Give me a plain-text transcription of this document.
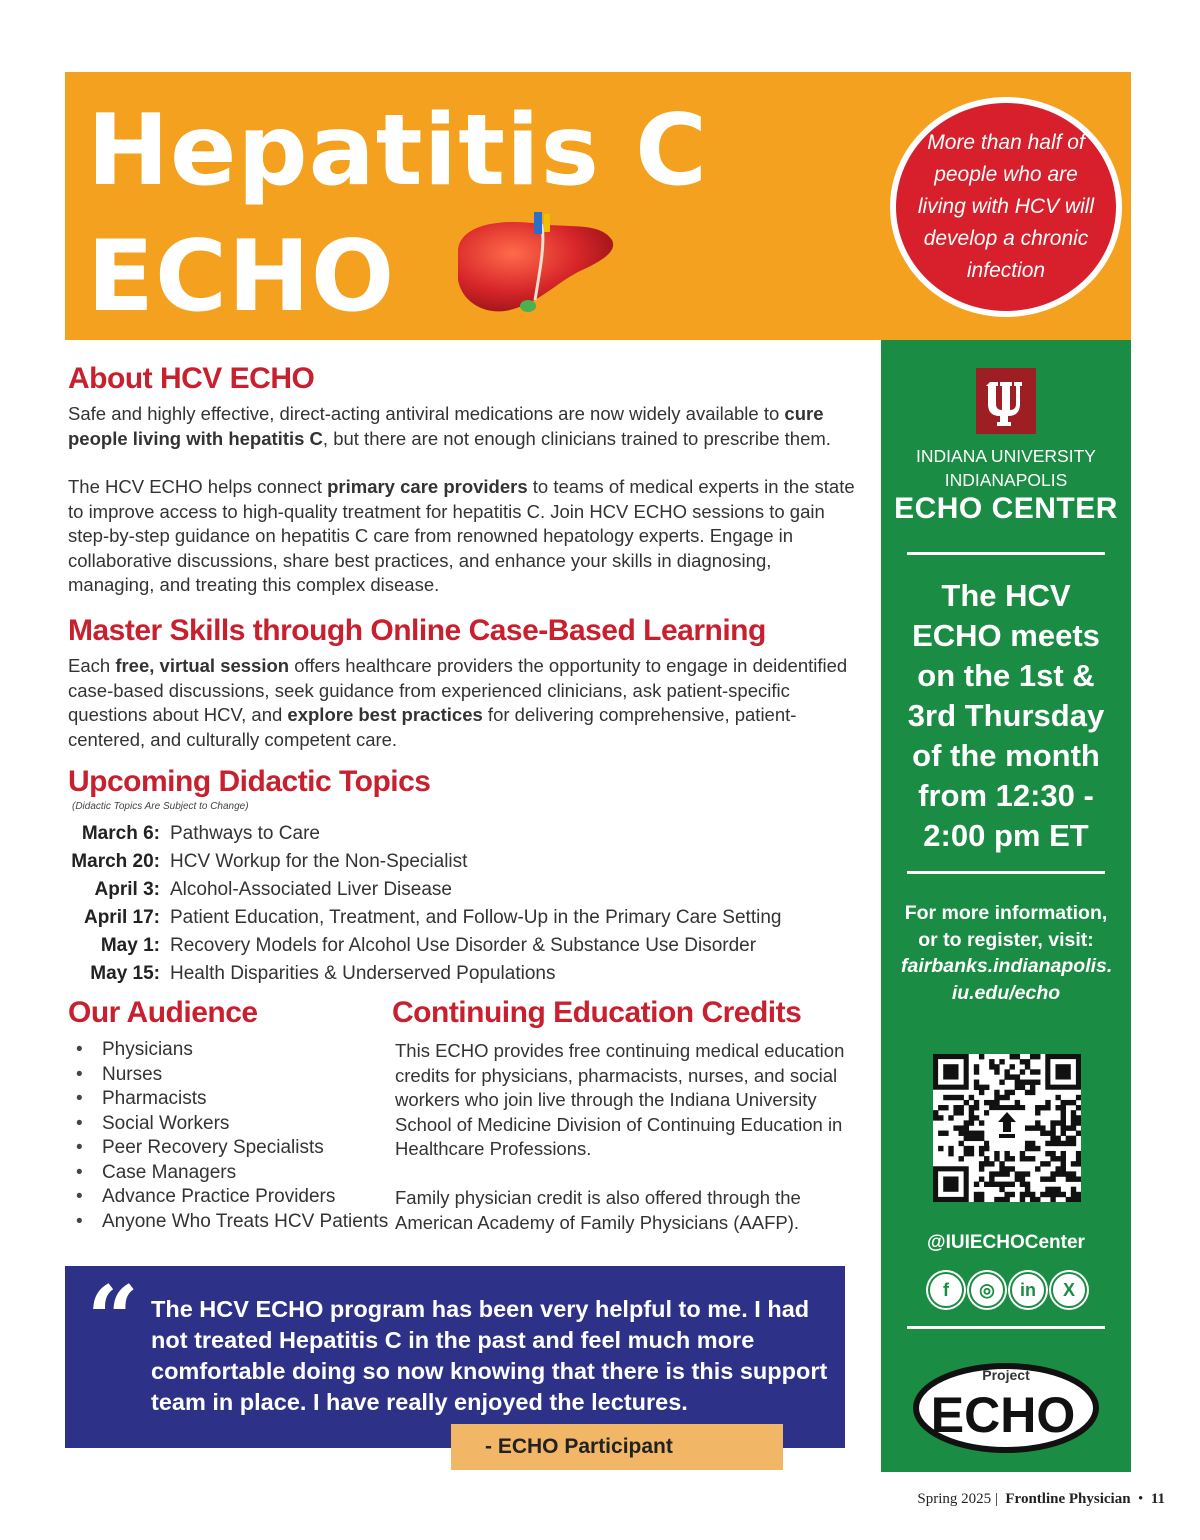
Hepatitis C
ECHO
More than half of people who are living with HCV will develop a chronic infection
About HCV ECHO

Safe and highly effective, direct-acting antiviral medications are now widely available to cure people living with hepatitis C, but there are not enough clinicians trained to prescribe them.

The HCV ECHO helps connect primary care providers to teams of medical experts in the state to improve access to high-quality treatment for hepatitis C. Join HCV ECHO sessions to gain step-by-step guidance on hepatitis C care from renowned hepatology experts. Engage in collaborative discussions, share best practices, and enhance your skills in diagnosing, managing, and treating this complex disease.

Master Skills through Online Case-Based Learning

Each free, virtual session offers healthcare providers the opportunity to engage in deidentified case-based discussions, seek guidance from experienced clinicians, ask patient-specific questions about HCV, and explore best practices for delivering comprehensive, patient-centered, and culturally competent care.

Upcoming Didactic Topics
(Didactic Topics Are Subject to Change)
March 6: Pathways to Care
March 20: HCV Workup for the Non-Specialist
April 3: Alcohol-Associated Liver Disease
April 17: Patient Education, Treatment, and Follow-Up in the Primary Care Setting
May 1: Recovery Models for Alcohol Use Disorder & Substance Use Disorder
May 15: Health Disparities & Underserved Populations
Our Audience
•	Physicians
•	Nurses
•	Pharmacists
•	Social Workers
•	Peer Recovery Specialists
•	Case Managers
•	Advance Practice Providers
•	Anyone Who Treats HCV Patients
Continuing Education Credits

This ECHO provides free continuing medical education credits for physicians, pharmacists, nurses, and social workers who join live through the Indiana University School of Medicine Division of Continuing Education in Healthcare Professions.

Family physician credit is also offered through the American Academy of Family Physicians (AAFP).

“ The HCV ECHO program has been very helpful to me. I had not treated Hepatitis C in the past and feel much more comfortable doing so now knowing that there is this support team in place. I have really enjoyed the lectures.
- ECHO Participant
INDIANA UNIVERSITY
INDIANAPOLIS
ECHO CENTER
The HCV ECHO meets on the 1st & 3rd Thursday of the month from 12:30 - 2:00 pm ET
For more information, or to register, visit:
fairbanks.indianapolis.
iu.edu/echo
@IUIECHOCenter
f	◎	in	X
Project
ECHO
Spring 2025 |  Frontline Physician  •  11
